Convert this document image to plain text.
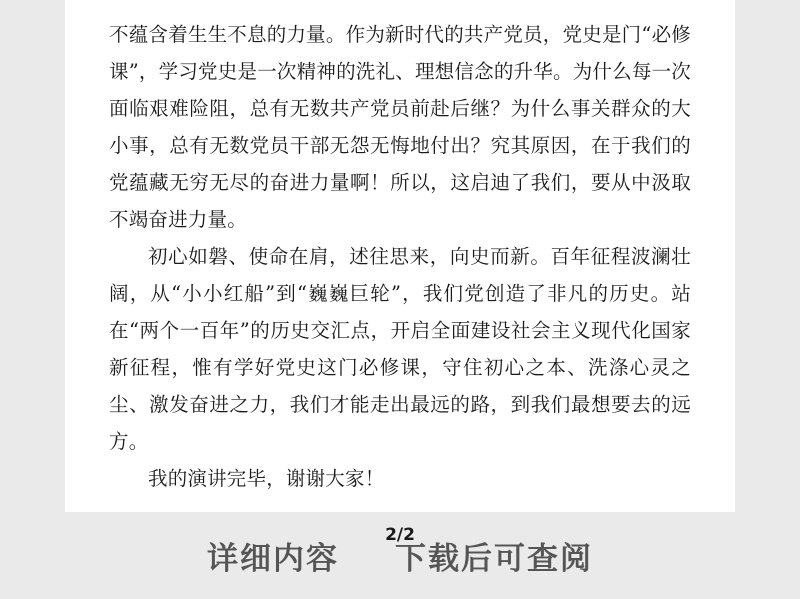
不蕴含着生生不息的力量。作为新时代的共产党员，党史是门“必修课”，学习党史是一次精神的洗礼、理想信念的升华。为什么每一次面临艰难险阻，总有无数共产党员前赴后继？为什么事关群众的大小事，总有无数党员干部无怨无悔地付出？究其原因，在于我们的党蕴藏无穷无尽的奋进力量啊！所以，这启迪了我们，要从中汲取不竭奋进力量。

初心如磐、使命在肩，述往思来，向史而新。百年征程波澜壮阔，从“小小红船”到“巍巍巨轮”，我们党创造了非凡的历史。站在“两个一百年”的历史交汇点，开启全面建设社会主义现代化国家新征程，惟有学好党史这门必修课，守住初心之本、洗涤心灵之尘、激发奋进之力，我们才能走出最远的路，到我们最想要去的远方。

我的演讲完毕，谢谢大家！

2/2
详细内容 下载后可查阅
